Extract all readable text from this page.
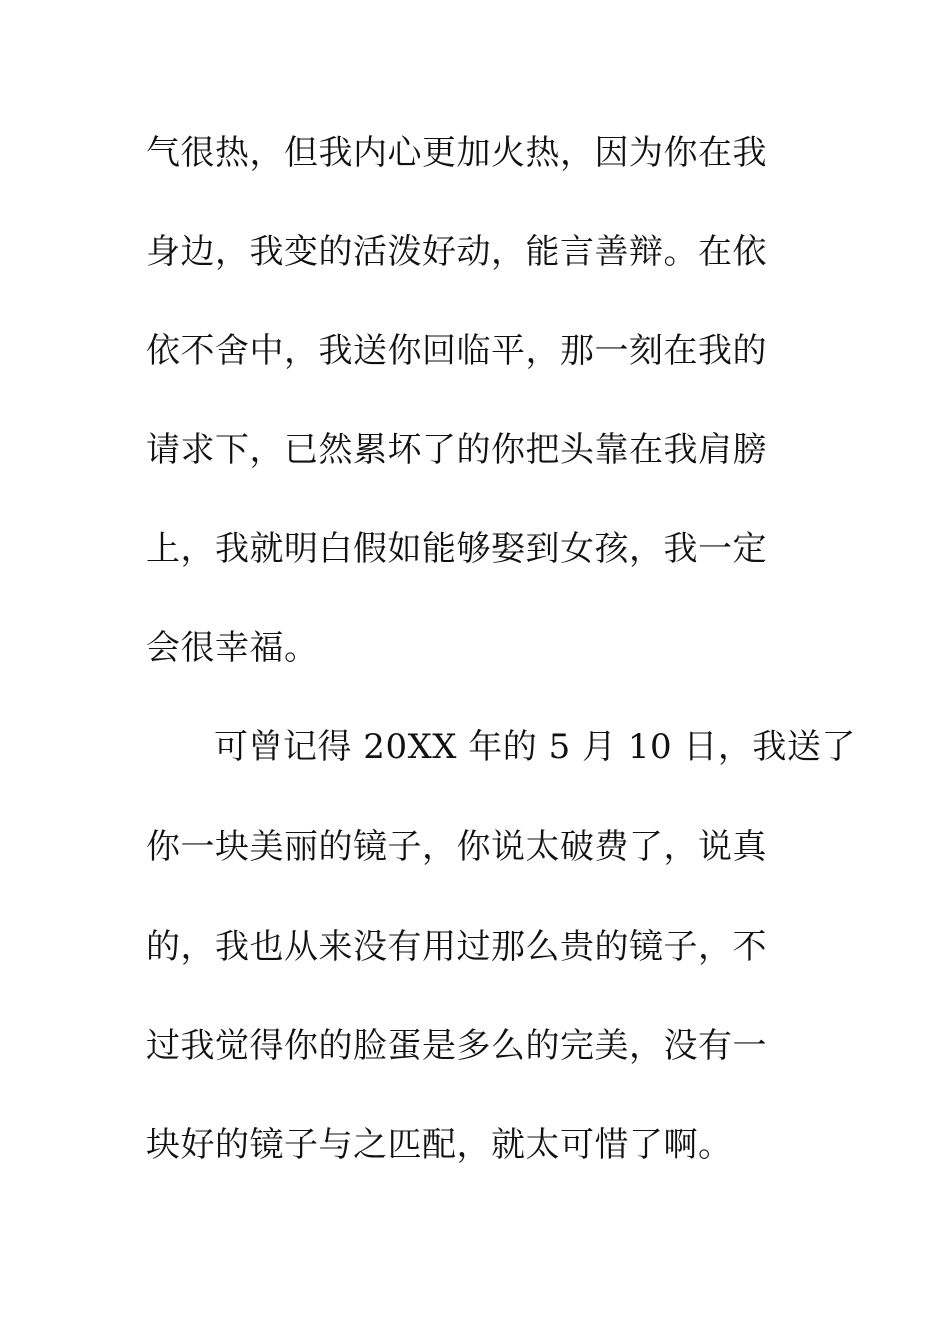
气很热，但我内心更加火热，因为你在我
身边，我变的活泼好动，能言善辩。在依
依不舍中，我送你回临平，那一刻在我的
请求下，已然累坏了的你把头靠在我肩膀
上，我就明白假如能够娶到女孩，我一定
会很幸福。
可曾记得 20XX 年的 5 月 10 日，我送了
你一块美丽的镜子，你说太破费了，说真
的，我也从来没有用过那么贵的镜子，不
过我觉得你的脸蛋是多么的完美，没有一
块好的镜子与之匹配，就太可惜了啊。
